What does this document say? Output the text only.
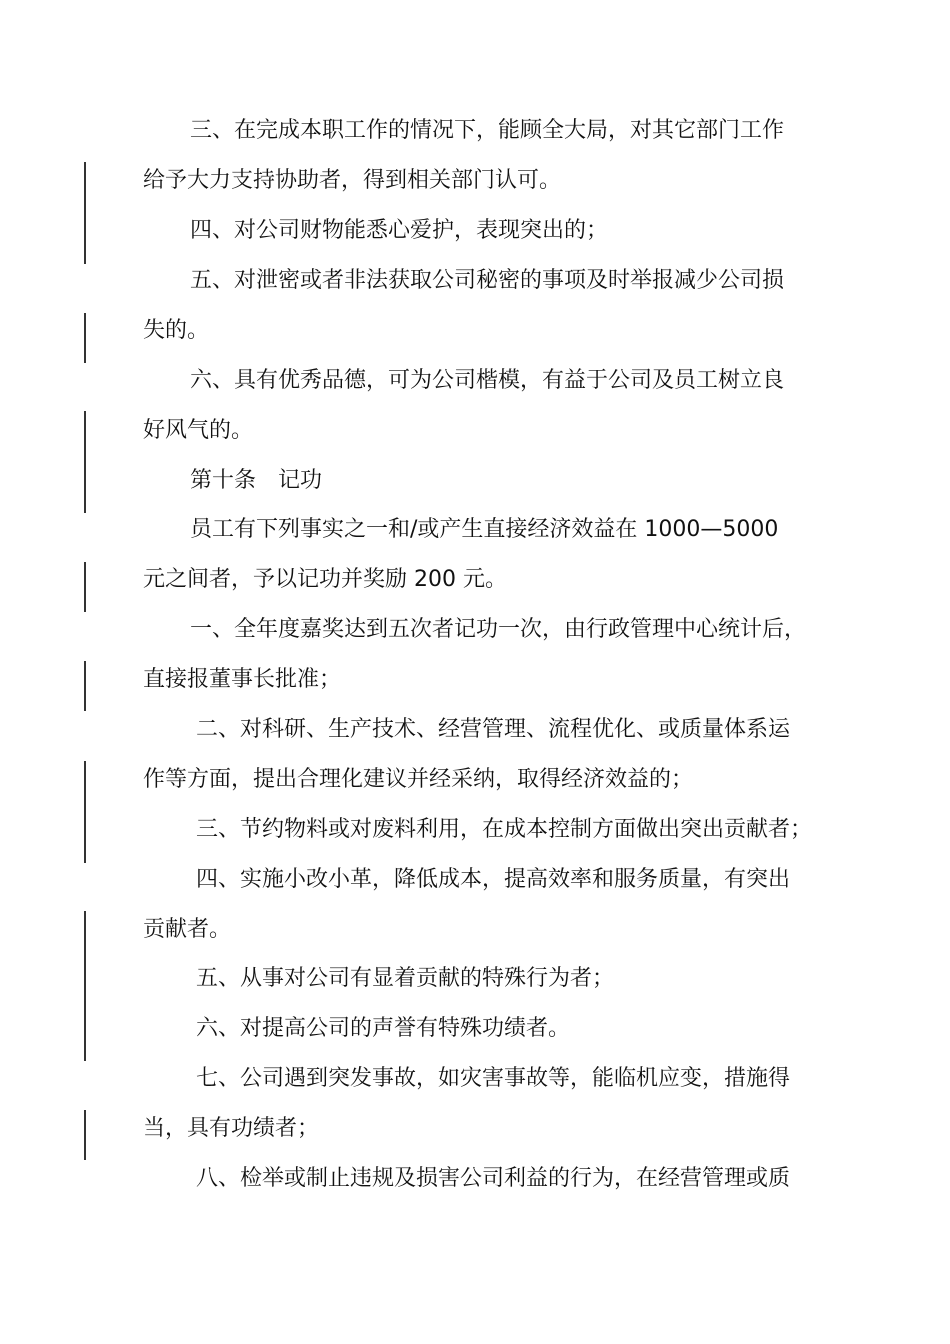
三、在完成本职工作的情况下，能顾全大局，对其它部门工作
给予大力支持协助者，得到相关部门认可。
四、对公司财物能悉心爱护，表现突出的；
五、对泄密或者非法获取公司秘密的事项及时举报减少公司损
失的。
六、具有优秀品德，可为公司楷模，有益于公司及员工树立良
好风气的。
第十条 记功
员工有下列事实之一和/或产生直接经济效益在 1000—5000
元之间者，予以记功并奖励 200 元。
一、全年度嘉奖达到五次者记功一次，由行政管理中心统计后，
直接报董事长批准；
二、对科研、生产技术、经营管理、流程优化、或质量体系运
作等方面，提出合理化建议并经采纳，取得经济效益的；
三、节约物料或对废料利用，在成本控制方面做出突出贡献者；
四、实施小改小革，降低成本，提高效率和服务质量，有突出
贡献者。
五、从事对公司有显着贡献的特殊行为者；
六、对提高公司的声誉有特殊功绩者。
七、公司遇到突发事故，如灾害事故等，能临机应变，措施得
当，具有功绩者；
八、检举或制止违规及损害公司利益的行为，在经营管理或质
